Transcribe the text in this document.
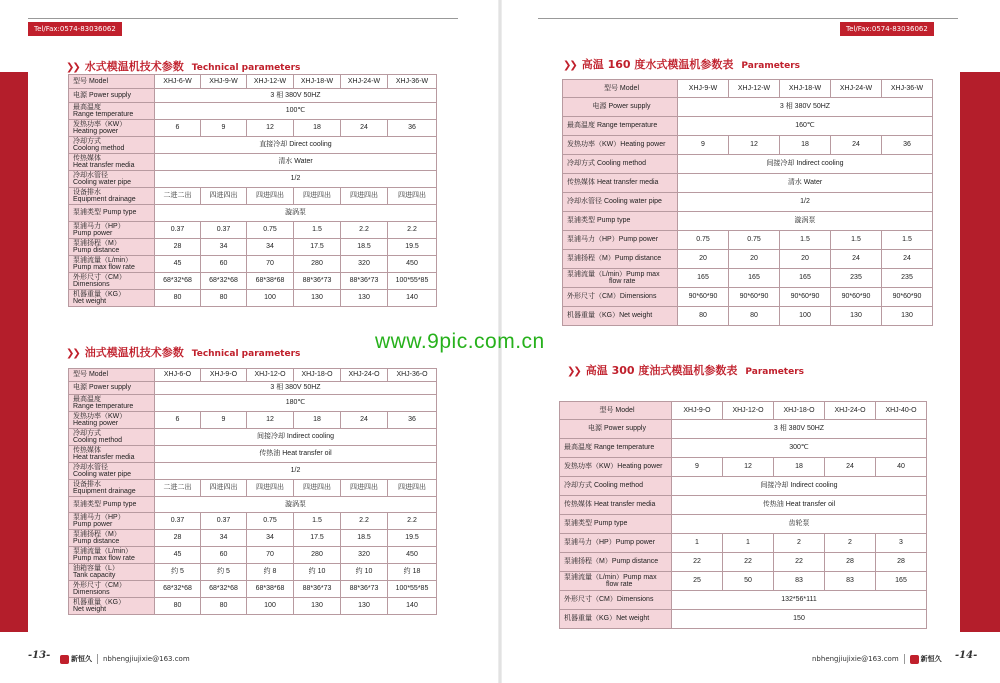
Tel/Fax:0574-83036062	Tel/Fax:0574-83036062
❯❯ 水式模温机技术参数 Technical parameters
型号 Model	XHJ-6-W	XHJ-9-W	XHJ-12-W	XHJ-18-W	XHJ-24-W	XHJ-36-W
电源 Power supply	3 相 380V 50HZ					

最高温度
Range temperature	100℃					

发热功率（KW）
Heating power	6	9	12	18	24	36

冷却方式
Coolong method	直接冷却 Direct cooling					

传热媒体
Heat transfer media	清水 Water					

冷却水管径
Cooling water pipe	1/2					

设备排水
Equipment drainage	二进二出	四进四出	四进四出	四进四出	四进四出	四进四出
泵浦类型 Pump type	漩涡泵					

泵浦马力（HP）
Pump power	0.37	0.37	0.75	1.5	2.2	2.2

泵浦扬程（M）
Pump distance	28	34	34	17.5	18.5	19.5

泵浦流量（L/min）
Pump max flow rate	45	60	70	280	320	450

外形尺寸（CM）
Dimensions	68*32*68	68*32*68	68*38*68	88*36*73	88*36*73	100*55*85

机器重量（KG）
Net weight	80	80	100	130	130	140
❯❯ 油式模温机技术参数 Technical parameters
型号 Model	XHJ-6-O	XHJ-9-O	XHJ-12-O	XHJ-18-O	XHJ-24-O	XHJ-36-O
电源 Power supply	3 相 380V 50HZ					

最高温度
Range temperature	180℃					

发热功率（KW）
Heating power	6	9	12	18	24	36

冷却方式
Cooling method	间接冷却 Indirect cooling					

传热媒体
Heat transfer media	传热油 Heat transfer oil					

冷却水管径
Cooling water pipe	1/2					

设备排水
Equipment drainage	二进二出	四进四出	四进四出	四进四出	四进四出	四进四出
泵浦类型 Pump type	漩涡泵					

泵浦马力（HP）
Pump power	0.37	0.37	0.75	1.5	2.2	2.2

泵浦扬程（M）
Pump distance	28	34	34	17.5	18.5	19.5

泵浦流量（L/min）
Pump max flow rate	45	60	70	280	320	450

油箱容量（L）
Tank capacity	约 5	约 5	约 8	约 10	约 10	约 18

外形尺寸（CM）
Dimensions	68*32*68	68*32*68	68*38*68	88*36*73	88*36*73	100*55*85

机器重量（KG）
Net weight	80	80	100	130	130	140
❯❯ 高温 160 度水式模温机参数表 Parameters
型号 Model	XHJ-9-W	XHJ-12-W	XHJ-18-W	XHJ-24-W	XHJ-36-W
电源 Power supply	3 相 380V 50HZ				
最高温度 Range temperature	160℃				
发热功率（KW）Heating power	9	12	18	24	36
冷却方式 Cooling method	间接冷却 Indirect cooling				
传热媒体 Heat transfer media	清水 Water				
冷却水管径 Cooling water pipe	1/2				
泵浦类型 Pump type	漩涡泵				
泵浦马力（HP）Pump power	0.75	0.75	1.5	1.5	1.5
泵浦扬程（M）Pump distance	20	20	20	24	24

泵浦流量（L/min）Pump max
flow rate	165	165	165	235	235
外形尺寸（CM）Dimensions	90*60*90	90*60*90	90*60*90	90*60*90	90*60*90
机器重量（KG）Net weight	80	80	100	130	130
www.9pic.com.cn
❯❯ 高温 300 度油式模温机参数表 Parameters
型号 Model	XHJ-9-O	XHJ-12-O	XHJ-18-O	XHJ-24-O	XHJ-40-O
电源 Power supply	3 相 380V 50HZ				
最高温度 Range temperature	300℃				
发热功率（KW）Heating power	9	12	18	24	40
冷却方式 Cooling method	间接冷却 Indirect cooling				
传热媒体 Heat transfer media	传热油 Heat transfer oil				
泵浦类型 Pump type	齿轮泵				
泵浦马力（HP）Pump power	1	1	2	2	3
泵浦扬程（M）Pump distance	22	22	22	28	28

泵浦流量（L/min）Pump max
flow rate	25	50	83	83	165
外形尺寸（CM）Dimensions	132*56*111				
机器重量（KG）Net weight	150				
-13-	新恒久 nbhengjiujixie@163.com	nbhengjiujixie@163.com	新恒久 -14-
